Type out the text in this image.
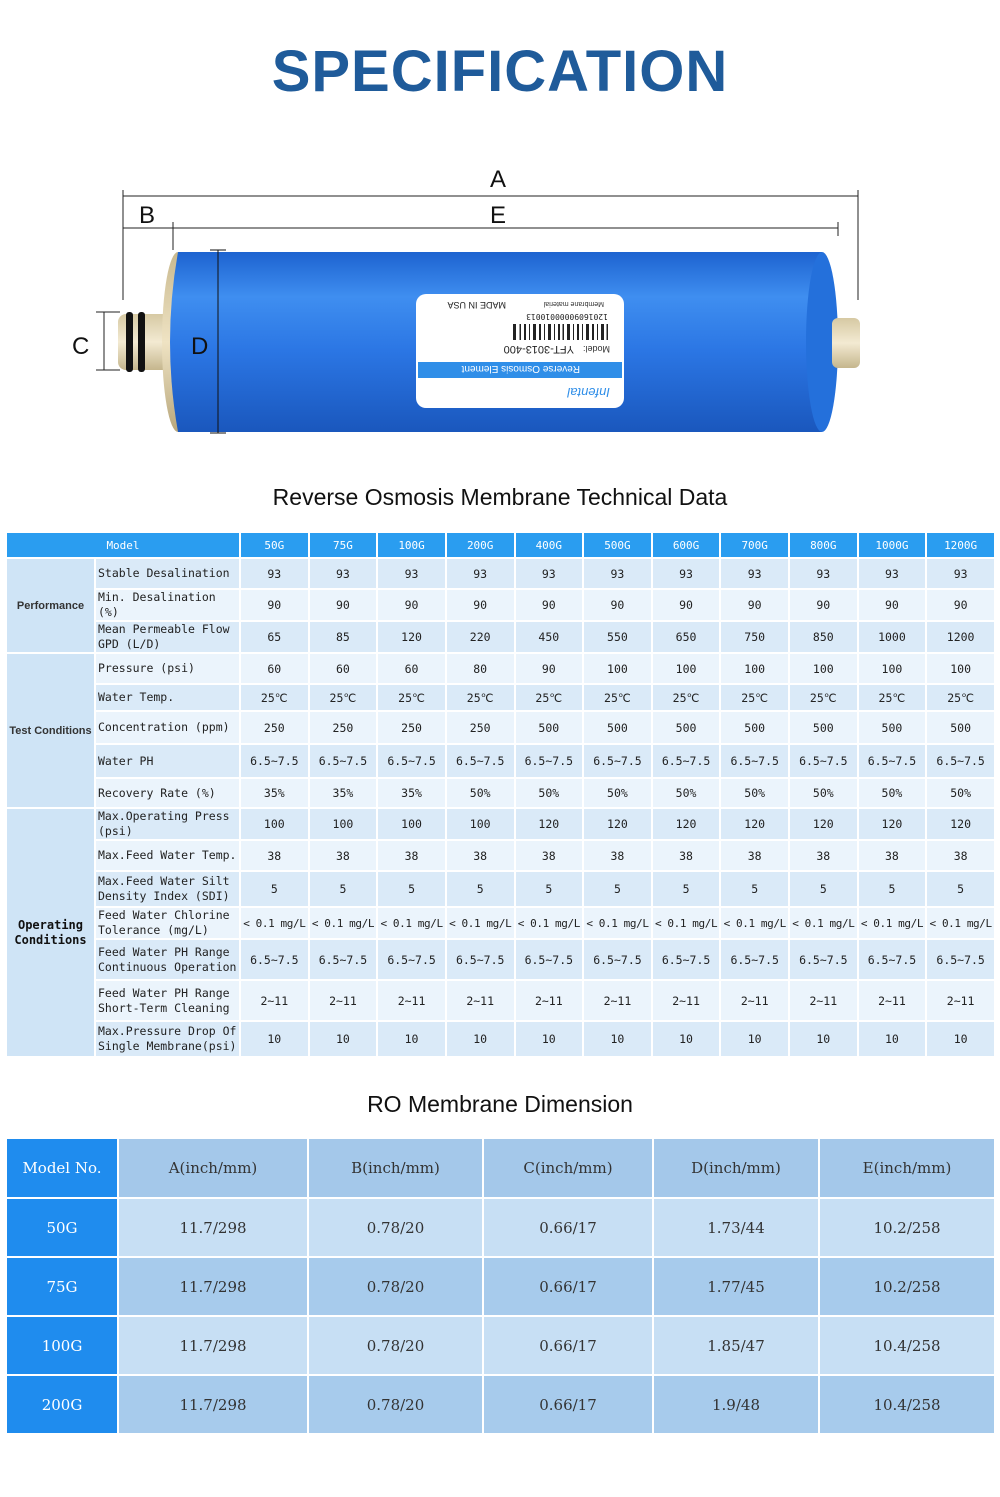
SPECIFICATION
Infental
Reverse Osmosis Element
Model:
YFT-3013-400
12016090000010013
Membrane material
MADE IN USA
A
B	E
C	D
Reverse Osmosis Membrane Technical Data
Model		50G	75G	100G	200G	400G	500G	600G	700G	800G	1000G	1200G
Performance	Stable Desalination	93	93	93	93	93	93	93	93	93	93	93
	Min. Desalination (%)	90	90	90	90	90	90	90	90	90	90	90
	Mean Permeable Flow GPD (L/D)	65	85	120	220	450	550	650	750	850	1000	1200
Test Conditions	Pressure (psi)	60	60	60	80	90	100	100	100	100	100	100
	Water Temp.	25℃	25℃	25℃	25℃	25℃	25℃	25℃	25℃	25℃	25℃	25℃
	Concentration (ppm)	250	250	250	250	500	500	500	500	500	500	500
	Water PH	6.5~7.5	6.5~7.5	6.5~7.5	6.5~7.5	6.5~7.5	6.5~7.5	6.5~7.5	6.5~7.5	6.5~7.5	6.5~7.5	6.5~7.5
	Recovery Rate (%)	35%	35%	35%	50%	50%	50%	50%	50%	50%	50%	50%
Operating Conditions	Max.Operating Press (psi)	100	100	100	100	120	120	120	120	120	120	120
	Max.Feed Water Temp.	38	38	38	38	38	38	38	38	38	38	38
	Max.Feed Water Silt Density Index (SDI)	5	5	5	5	5	5	5	5	5	5	5
	Feed Water Chlorine Tolerance (mg/L)	< 0.1 mg/L	< 0.1 mg/L	< 0.1 mg/L	< 0.1 mg/L	< 0.1 mg/L	< 0.1 mg/L	< 0.1 mg/L	< 0.1 mg/L	< 0.1 mg/L	< 0.1 mg/L	< 0.1 mg/L
	Feed Water PH Range Continuous Operation	6.5~7.5	6.5~7.5	6.5~7.5	6.5~7.5	6.5~7.5	6.5~7.5	6.5~7.5	6.5~7.5	6.5~7.5	6.5~7.5	6.5~7.5
	Feed Water PH Range Short-Term Cleaning	2~11	2~11	2~11	2~11	2~11	2~11	2~11	2~11	2~11	2~11	2~11
	Max.Pressure Drop Of Single Membrane(psi)	10	10	10	10	10	10	10	10	10	10	10
RO Membrane Dimension
Model No.	A(inch/mm)	B(inch/mm)	C(inch/mm)	D(inch/mm)	E(inch/mm)
50G	11.7/298	0.78/20	0.66/17	1.73/44	10.2/258
75G	11.7/298	0.78/20	0.66/17	1.77/45	10.2/258
100G	11.7/298	0.78/20	0.66/17	1.85/47	10.4/258
200G	11.7/298	0.78/20	0.66/17	1.9/48	10.4/258
